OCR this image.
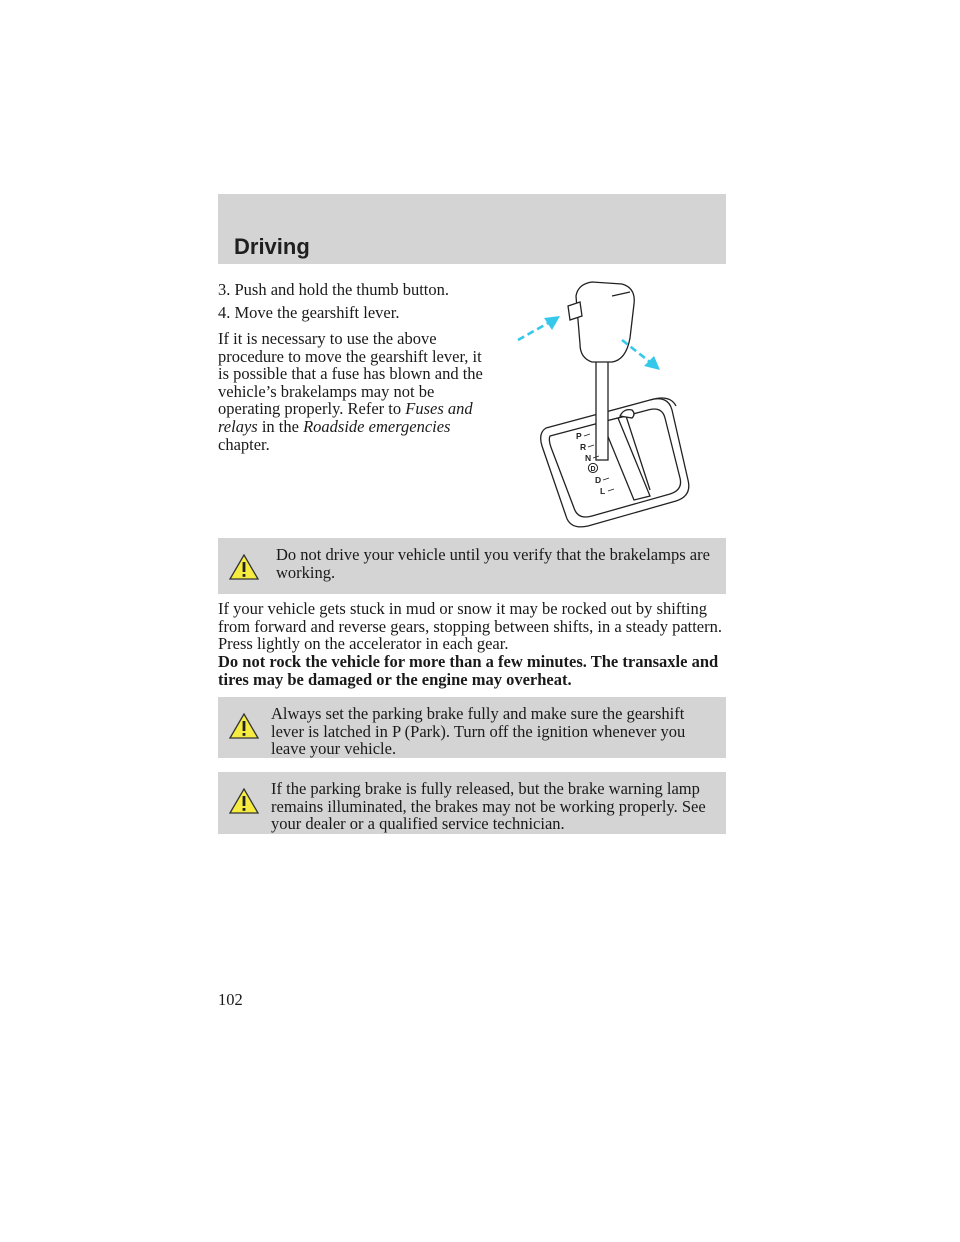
Driving

3. Push and hold the thumb button.

4. Move the gearshift lever.

If it is necessary to use the above procedure to move the gearshift lever, it is possible that a fuse has blown and the vehicle’s brakelamps may not be operating properly. Refer to Fuses and relays in the Roadside emergencies chapter.	P
R
N
D
D
L
Do not drive your vehicle until you verify that the brakelamps are working.

If your vehicle gets stuck in mud or snow it may be rocked out by shifting from forward and reverse gears, stopping between shifts, in a steady pattern. Press lightly on the accelerator in each gear.

Do not rock the vehicle for more than a few minutes. The transaxle and tires may be damaged or the engine may overheat.

Always set the parking brake fully and make sure the gearshift lever is latched in P (Park). Turn off the ignition whenever you leave your vehicle.
If the parking brake is fully released, but the brake warning lamp remains illuminated, the brakes may not be working properly. See your dealer or a qualified service technician.

102
